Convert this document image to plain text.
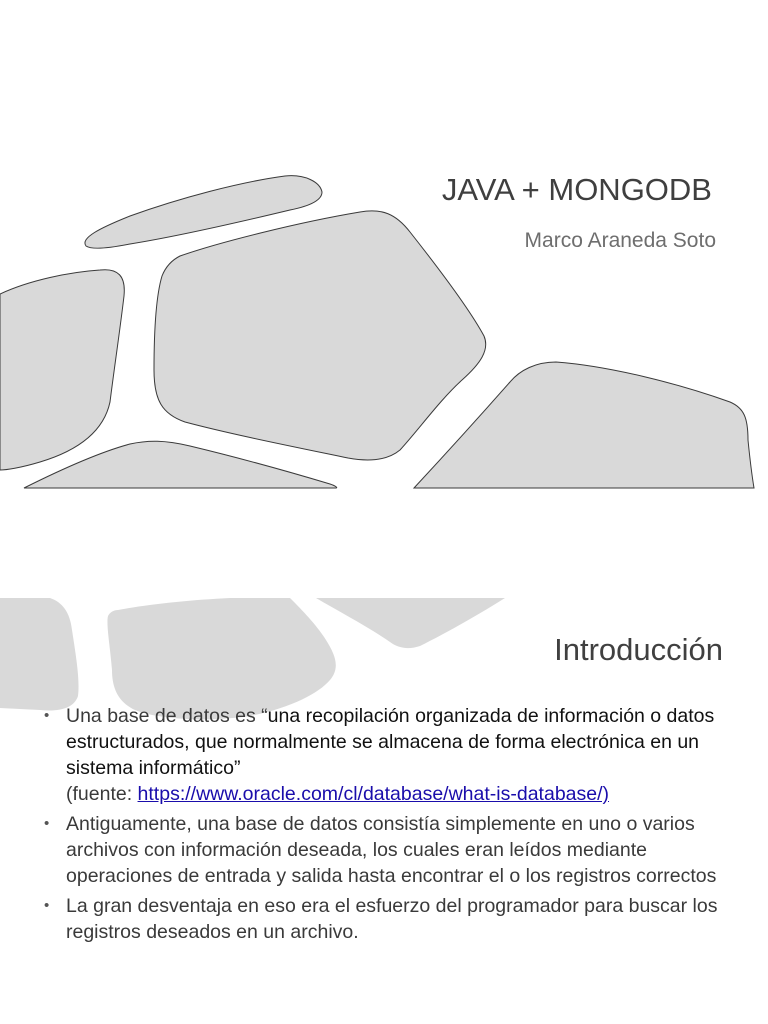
JAVA + MONGODB
Marco Araneda Soto
Introducción
• Una base de datos es “una recopilación organizada de información o datos estructurados, que normalmente se almacena de forma electrónica en un sistema informático”
(fuente: https://www.oracle.com/cl/database/what-is-database/)
• Antiguamente, una base de datos consistía simplemente en uno o varios archivos con información deseada, los cuales eran leídos mediante operaciones de entrada y salida hasta encontrar el o los registros correctos
• La gran desventaja en eso era el esfuerzo del programador para buscar los registros deseados en un archivo.
